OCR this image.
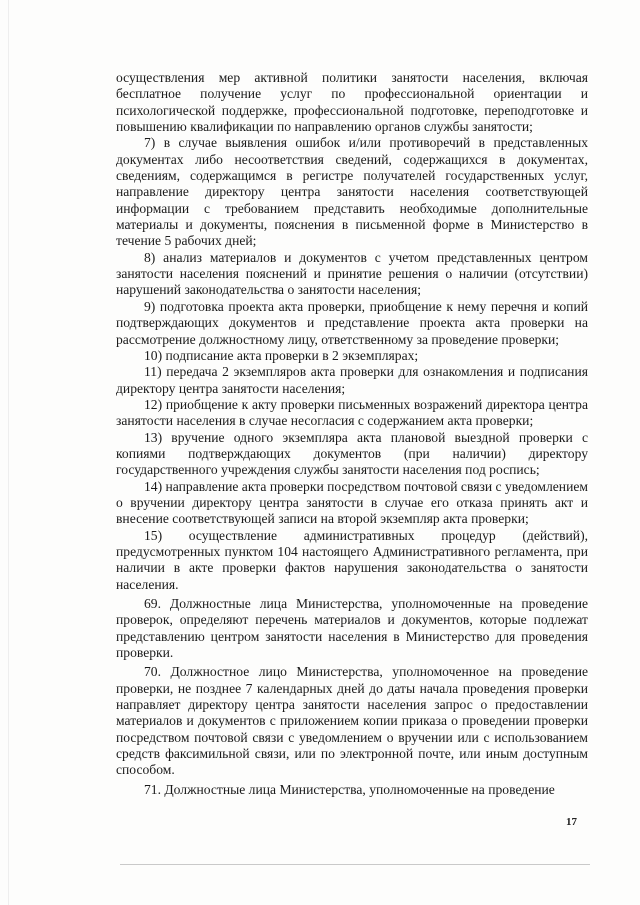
осуществления мер активной политики занятости населения, включая бесплатное получение услуг по профессиональной ориентации и психологической поддержке, профессиональной подготовке, переподготовке и повышению квалификации по направлению органов службы занятости;

7) в случае выявления ошибок и/или противоречий в представленных документах либо несоответствия сведений, содержащихся в документах, сведениям, содержащимся в регистре получателей государственных услуг, направление директору центра занятости населения соответствующей информации с требованием представить необходимые дополнительные материалы и документы, пояснения в письменной форме в Министерство в течение 5 рабочих дней;

8) анализ материалов и документов с учетом представленных центром занятости населения пояснений и принятие решения о наличии (отсутствии) нарушений законодательства о занятости населения;

9) подготовка проекта акта проверки, приобщение к нему перечня и копий подтверждающих документов и представление проекта акта проверки на рассмотрение должностному лицу, ответственному за проведение проверки;

10) подписание акта проверки в 2 экземплярах;

11) передача 2 экземпляров акта проверки для ознакомления и подписания директору центра занятости населения;

12) приобщение к акту проверки письменных возражений директора центра занятости населения в случае несогласия с содержанием акта проверки;

13) вручение одного экземпляра акта плановой выездной проверки с копиями подтверждающих документов (при наличии) директору государственного учреждения службы занятости населения под роспись;

14) направление акта проверки посредством почтовой связи с уведомлением о вручении директору центра занятости в случае его отказа принять акт и внесение соответствующей записи на второй экземпляр акта проверки;

15) осуществление административных процедур (действий), предусмотренных пунктом 104 настоящего Административного регламента, при наличии в акте проверки фактов нарушения законодательства о занятости населения.

69. Должностные лица Министерства, уполномоченные на проведение проверок, определяют перечень материалов и документов, которые подлежат представлению центром занятости населения в Министерство для проведения проверки.

70. Должностное лицо Министерства, уполномоченное на проведение проверки, не позднее 7 календарных дней до даты начала проведения проверки направляет директору центра занятости населения запрос о предоставлении материалов и документов с приложением копии приказа о проведении проверки посредством почтовой связи с уведомлением о вручении или с использованием средств факсимильной связи, или по электронной почте, или иным доступным способом.

71. Должностные лица Министерства, уполномоченные на проведение

17
